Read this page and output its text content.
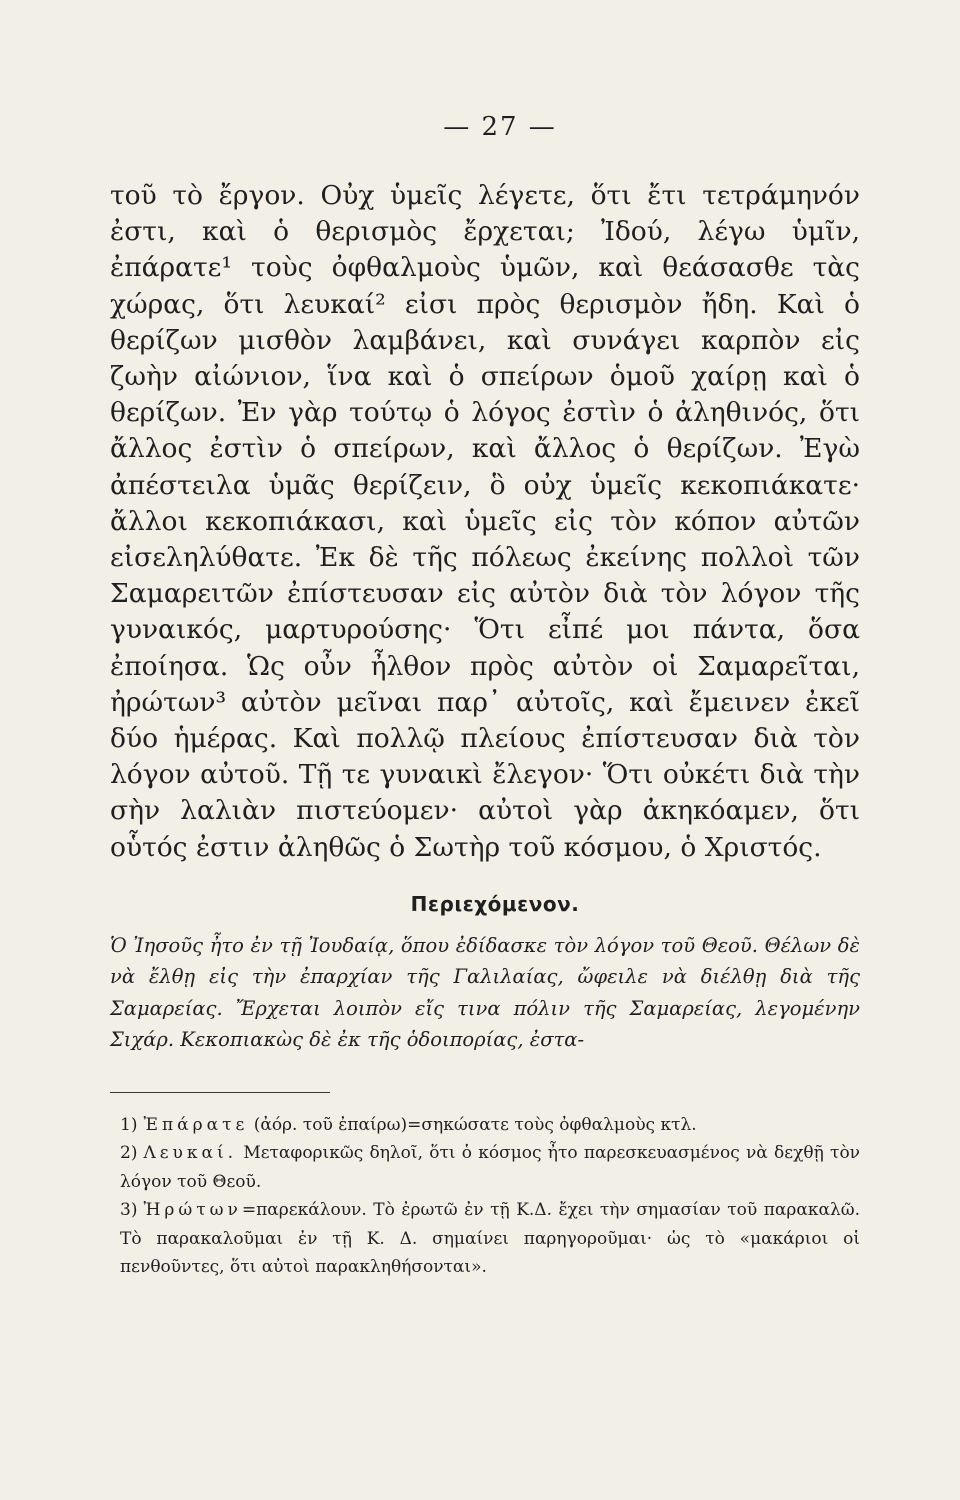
— 27 —

τοῦ τὸ ἔργον. Οὐχ ὑμεῖς λέγετε, ὅτι ἔτι τετράμηνόν ἐστι, καὶ ὁ θερισμὸς ἔρχεται; Ἰδού, λέγω ὑμῖν, ἐπάρατε¹ τοὺς ὀφθαλμοὺς ὑμῶν, καὶ θεάσασθε τὰς χώρας, ὅτι λευκαί² εἰσι πρὸς θερισμὸν ἤδη. Καὶ ὁ θερίζων μισθὸν λαμβάνει, καὶ συνάγει καρπὸν εἰς ζωὴν αἰώνιον, ἵνα καὶ ὁ σπείρων ὁμοῦ χαίρῃ καὶ ὁ θερίζων. Ἐν γὰρ τούτῳ ὁ λόγος ἐστὶν ὁ ἀληθινός, ὅτι ἄλλος ἐστὶν ὁ σπείρων, καὶ ἄλλος ὁ θερίζων. Ἐγὼ ἀπέστειλα ὑμᾶς θερίζειν, ὃ οὐχ ὑμεῖς κεκοπιάκατε· ἄλλοι κεκοπιάκασι, καὶ ὑμεῖς εἰς τὸν κόπον αὐτῶν εἰσεληλύθατε. Ἐκ δὲ τῆς πόλεως ἐκείνης πολλοὶ τῶν Σαμαρειτῶν ἐπίστευσαν εἰς αὐτὸν διὰ τὸν λόγον τῆς γυναικός, μαρτυρούσης· Ὅτι εἶπέ μοι πάντα, ὅσα ἐποίησα. Ὡς οὖν ἦλθον πρὸς αὐτὸν οἱ Σαμαρεῖται, ἠρώτων³ αὐτὸν μεῖναι παρ᾿ αὐτοῖς, καὶ ἔμεινεν ἐκεῖ δύο ἡμέρας. Καὶ πολλῷ πλείους ἐπίστευσαν διὰ τὸν λόγον αὐτοῦ. Τῇ τε γυναικὶ ἔλεγον· Ὅτι οὐκέτι διὰ τὴν σὴν λαλιὰν πιστεύομεν· αὐτοὶ γὰρ ἀκηκόαμεν, ὅτι οὗτός ἐστιν ἀληθῶς ὁ Σωτὴρ τοῦ κόσμου, ὁ Χριστός.

Περιεχόμενον.

Ὁ Ἰησοῦς ἦτο ἐν τῇ Ἰουδαίᾳ, ὅπου ἐδίδασκε τὸν λόγον τοῦ Θεοῦ. Θέλων δὲ νὰ ἔλθῃ εἰς τὴν ἐπαρχίαν τῆς Γαλιλαίας, ὤφειλε νὰ διέλθῃ διὰ τῆς Σαμαρείας. Ἔρχεται λοιπὸν εἴς τινα πόλιν τῆς Σαμαρείας, λεγομένην Σιχάρ. Κεκοπιακὼς δὲ ἐκ τῆς ὁδοιπορίας, ἐστα-

1) Ἐπάρατε (ἀόρ. τοῦ ἐπαίρω)=σηκώσατε τοὺς ὀφθαλμοὺς κτλ.

2) Λευκαί. Μεταφορικῶς δηλοῖ, ὅτι ὁ κόσμος ἦτο παρεσκευασμένος νὰ δεχθῇ τὸν λόγον τοῦ Θεοῦ.

3) Ἠρώτων=παρεκάλουν. Τὸ ἐρωτῶ ἐν τῇ Κ.Δ. ἔχει τὴν σημασίαν τοῦ παρακαλῶ. Τὸ παρακαλοῦμαι ἐν τῇ Κ. Δ. σημαίνει παρηγοροῦμαι· ὡς τὸ «μακάριοι οἱ πενθοῦντες, ὅτι αὐτοὶ παρακληθήσονται».
